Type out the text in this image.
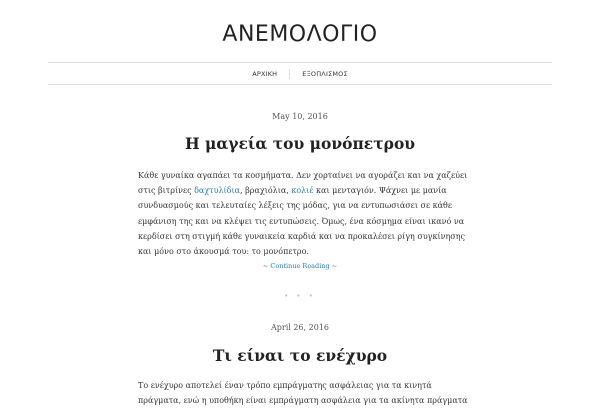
ΑΝΕΜΟΛΟΓΙΟ
ΑΡΧΙΚΗ	ΕΞΟΠΛΙΣΜΟΣ
May 10, 2016
Η μαγεία του μονόπετρου
Κάθε γυναίκα αγαπάει τα κοσμήματα. Δεν χορταίνει να αγοράζει και να χαζεύει
στις βιτρίνες δαχτυλίδια, βραχιόλια, κολιέ και μενταγιόν. Ψάχνει με μανία
συνδυασμούς και τελευταίες λέξεις της μόδας, για να εντυπωσιάσει σε κάθε
εμφάνιση της και να κλέψει τις εντυπώσεις. Όμως, ένα κόσμημα είναι ικανό να
κερδίσει στη στιγμή κάθε γυναικεία καρδιά και να προκαλέσει ρίγη συγκίνησης
και μόνο στο άκουσμά του: το μονόπετρο.
~ Continue Reading ~
• • •
April 26, 2016
Τι είναι το ενέχυρο
Το ενέχυρο αποτελεί έναν τρόπο εμπράγματης ασφάλειας για τα κινητά
πράγματα, ενώ η υποθήκη είναι εμπράγματη ασφάλεια για τα ακίνητα πράγματα
